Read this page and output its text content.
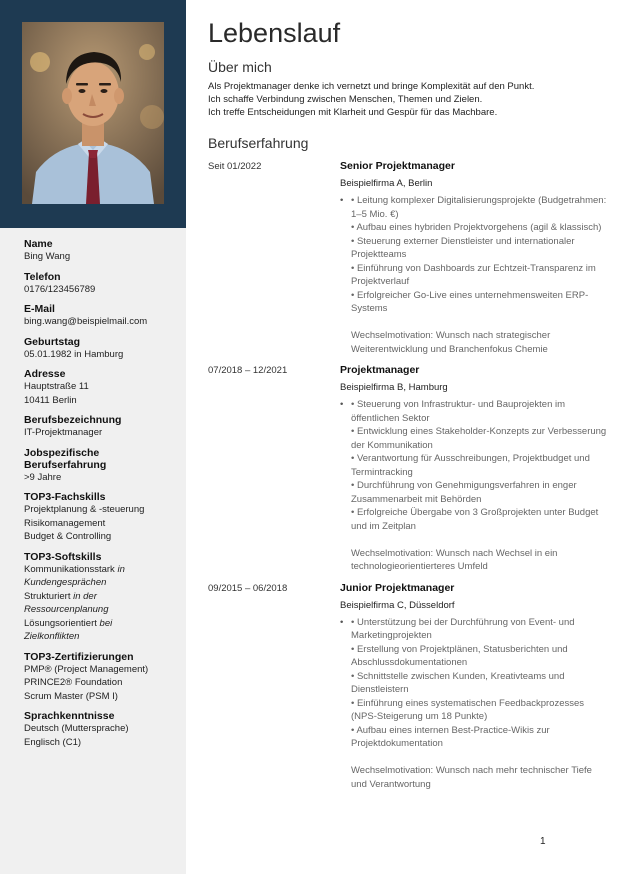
Name
Bing Wang
Telefon
0176/123456789
E-Mail
bing.wang@beispielmail.com
Geburtstag
05.01.1982 in Hamburg
Adresse
Hauptstraße 11
10411 Berlin
Berufsbezeichnung
IT-Projektmanager
Jobspezifische
Berufserfahrung
>9 Jahre
TOP3-Fachskills
Projektplanung & -steuerung
Risikomanagement
Budget & Controlling
TOP3-Softskills
Kommunikationsstark in
Kundengesprächen
Strukturiert in der
Ressourcenplanung
Lösungsorientiert bei
Zielkonflikten
TOP3-Zertifizierungen
PMP® (Project Management)
PRINCE2® Foundation
Scrum Master (PSM I)
Sprachkenntnisse
Deutsch (Muttersprache)
Englisch (C1)
Lebenslauf
Über mich
Als Projektmanager denke ich vernetzt und bringe Komplexität auf den Punkt.
Ich schaffe Verbindung zwischen Menschen, Themen und Zielen.
Ich treffe Entscheidungen mit Klarheit und Gespür für das Machbare.
Berufserfahrung
Seit 01/2022	Senior Projektmanager
Beispielfirma A, Berlin
• • Leitung komplexer Digitalisierungsprojekte (Budgetrahmen: 1–5 Mio. €)
• Aufbau eines hybriden Projektvorgehens (agil & klassisch)
• Steuerung externer Dienstleister und internationaler Projektteams
• Einführung von Dashboards zur Echtzeit-Transparenz im Projektverlauf
• Erfolgreicher Go-Live eines unternehmensweiten ERP-Systems
Wechselmotivation: Wunsch nach strategischer Weiterentwicklung und Branchenfokus Chemie
07/2018 – 12/2021	Projektmanager
Beispielfirma B, Hamburg
• • Steuerung von Infrastruktur- und Bauprojekten im öffentlichen Sektor
• Entwicklung eines Stakeholder-Konzepts zur Verbesserung der Kommunikation
• Verantwortung für Ausschreibungen, Projektbudget und Termintracking
• Durchführung von Genehmigungsverfahren in enger Zusammenarbeit mit Behörden
• Erfolgreiche Übergabe von 3 Großprojekten unter Budget und im Zeitplan
Wechselmotivation: Wunsch nach Wechsel in ein technologieorientierteres Umfeld
09/2015 – 06/2018	Junior Projektmanager
Beispielfirma C, Düsseldorf
• • Unterstützung bei der Durchführung von Event- und Marketingprojekten
• Erstellung von Projektplänen, Statusberichten und Abschlussdokumentationen
• Schnittstelle zwischen Kunden, Kreativteams und Dienstleistern
• Einführung eines systematischen Feedbackprozesses (NPS-Steigerung um 18 Punkte)
• Aufbau eines internen Best-Practice-Wikis zur Projektdokumentation
Wechselmotivation: Wunsch nach mehr technischer Tiefe und Verantwortung
1
